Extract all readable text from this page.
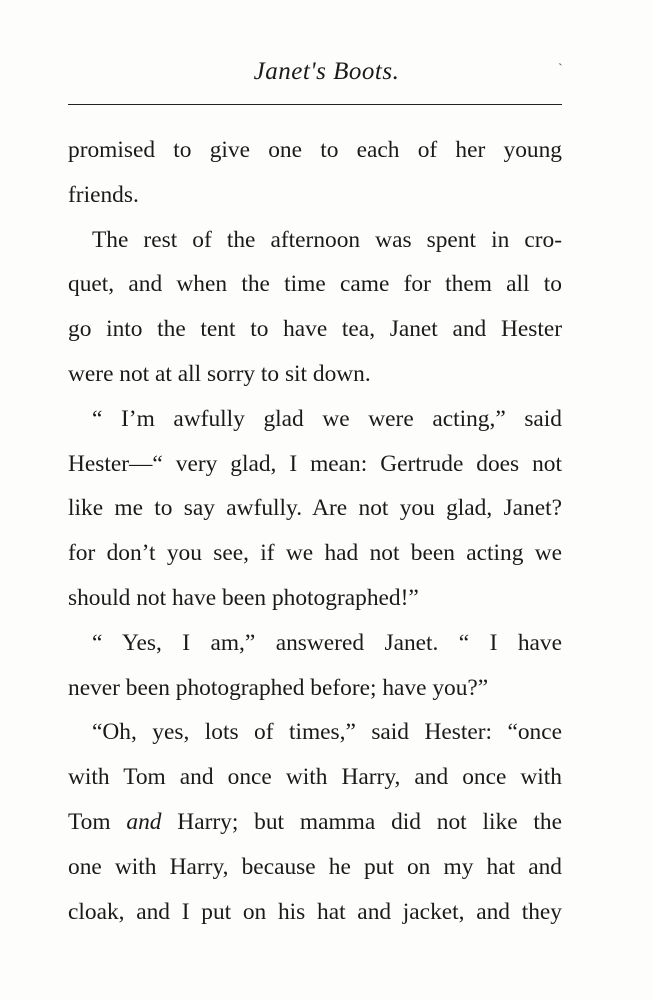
Janet's Boots.	`
promised to give one to each of her young
friends.
The rest of the afternoon was spent in cro-
quet, and when the time came for them all to
go into the tent to have tea, Janet and Hester
were not at all sorry to sit down.
“ I’m awfully glad we were acting,” said
Hester—“ very glad, I mean: Gertrude does not
like me to say awfully. Are not you glad, Janet?
for don’t you see, if we had not been acting we
should not have been photographed!”
“ Yes, I am,” answered Janet. “ I have
never been photographed before; have you?”
“Oh, yes, lots of times,” said Hester: “once
with Tom and once with Harry, and once with
Tom and Harry; but mamma did not like the
one with Harry, because he put on my hat and
cloak, and I put on his hat and jacket, and they
